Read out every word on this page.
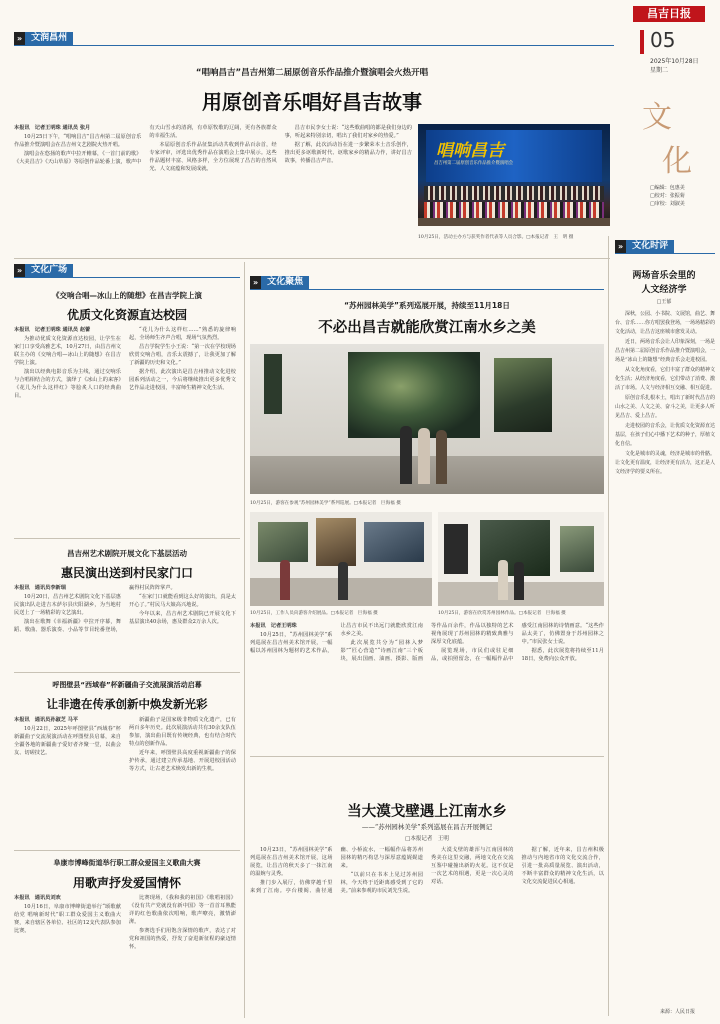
昌吉日报
05
2025年10月28日
星期二
文
化
□编辑：包惠美
□校对：张振菊
□审校：刘淑美
»	文化时评
两场音乐会里的
人文经济学
□王郁

深秋，公园、小书院、文展馆，曲艺、舞台、音乐……你方唱罢我登场，一场场精彩的文化活动，让昌吉这座城市愈发灵动。

近日，两场音乐会让人印象深刻，一场是昌吉州第二届原创音乐作品推介暨演唱会，一场是“冰山上的随想”经典音乐会走进校园。

从文化角度看，它们丰富了群众的精神文化生活；从经济角度看，它们带动了消费、激活了市场。人文与经济相互交融、相互促进。

原创音乐扎根本土，唱出了新时代昌吉的山水之美、人文之美、奋斗之美，让更多人听见昌吉、爱上昌吉。

走进校园的音乐会，让优质文化资源直达基层，在孩子们心中播下艺术的种子，厚植文化自信。

文化是城市的灵魂，经济是城市的骨骼。让文化更有温度，让经济更有活力，这正是人文经济学的要义所在。

来源：人民日报
»	文润昌州
“唱响昌吉”昌吉州第二届原创音乐作品推介暨演唱会火热开唱
用原创音乐唱好昌吉故事

本报讯　记者王明珠 通讯员 张月

10月25日下午，“唱响昌吉”昌吉州第二届原创音乐作品推介暨演唱会在昌吉州文艺剧院火热开唱。

演唱会在悠扬的歌声中拉开帷幕，《一首门前的歌》《大美昌吉》《天山草原》等原创作品轮番上演，歌声中有天山雪水的清冽，有草原牧歌的辽阔，更有各族群众的幸福生活。

本届原创音乐作品征集活动共收到作品百余首，经专家评审，评选出优秀作品在演唱会上集中展示。这些作品题材丰富、风格多样，全方位展现了昌吉的自然风光、人文底蕴和发展成就。

昌吉市民李女士说：“这些歌曲唱的都是我们身边的事，听起来特别亲切，唱出了我们对家乡的热爱。”

据了解，此次活动旨在进一步繁荣本土音乐创作，推出更多讴歌新时代、讴歌家乡的精品力作，讲好昌吉故事，传播昌吉声音。	唱响昌吉
昌吉州第二届原创音乐作品推介暨演唱会
10月25日，活动主办方与获奖作者代表等人员合影。□本报记者　王　明 摄
»	文化广场
《交响合唱—冰山上的随想》在昌吉学院上演
优质文化资源直达校园

本报讯　记者王明珠 通讯员 赵蕾

为推动优质文化资源直达校园，让学生在家门口享受高雅艺术，10月27日，由昌吉州文联主办的《交响合唱—冰山上的随想》在昌吉学院上演。

演出以经典电影音乐为主线，通过交响乐与合唱相结合的方式，演绎了《冰山上的来客》《花儿为什么这样红》等脍炙人口的经典曲目。

“花儿为什么这样红……”熟悉的旋律响起，全场师生齐声合唱，现场气氛热烈。

昌吉学院学生小王说：“第一次在学校现场欣赏交响合唱，音乐太震撼了，让我更加了解了新疆的历史和文化。”

据介绍，此次演出是昌吉州推动文化进校园系列活动之一，今后将继续推出更多优秀文艺作品走进校园，丰富师生精神文化生活。

昌吉州艺术剧院开展文化下基层活动
惠民演出送到村民家门口

本报讯　通讯员李新瑞

10月20日，昌吉州艺术剧院文化下基层惠民演出队走进吉木萨尔县庆阳湖乡，为当地村民送上了一场精彩的文艺演出。

演出在歌舞《幸福新疆》中拉开序幕，舞蹈、歌曲、器乐演奏、小品等节目轮番登场，赢得村民阵阵掌声。

“在家门口就能看到这么好的演出，真是太开心了。”村民马大娘高兴地说。

今年以来，昌吉州艺术剧院已开展文化下基层演出40余场，惠及群众2万余人次。

呼图壁县“西域春”杯新疆曲子交流展演活动启幕
让非遗在传承创新中焕发新光彩

本报讯　通讯员孙淑芝 马平

10月22日，2025年呼图壁县“西域春”杯新疆曲子交流展演活动在呼图壁县启幕，来自全疆各地的新疆曲子爱好者齐聚一堂，以曲会友、切磋技艺。

新疆曲子是国家级非物质文化遗产，已有两百多年历史。此次展演活动共有30余支队伍参加，演出曲目既有传统经典，也有结合时代特点的创新作品。

近年来，呼图壁县高度重视新疆曲子的保护传承，通过建立传承基地、开展进校园活动等方式，让古老艺术焕发出新的生机。

阜康市博峰街道举行职工群众爱国主义歌曲大赛
用歌声抒发爱国情怀

本报讯　通讯员刘欢

10月16日，阜康市博峰街道举行“颂歌献给党 唱响新时代”职工群众爱国主义歌曲大赛，来自辖区各单位、社区的12支代表队参加比赛。

比赛现场，《我和我的祖国》《歌唱祖国》《没有共产党就没有新中国》等一首首耳熟能详的红色歌曲依次唱响，歌声嘹亮，激情澎湃。

参赛选手们用饱含深情的歌声，表达了对党和祖国的热爱，抒发了奋进新征程的豪迈情怀。

»	文化聚焦
“苏州园林美学”系列巡展开展，持续至11月18日
不必出昌吉就能欣赏江南水乡之美
10月25日，游客在参观“苏州园林美学”系列巡展。□本报记者　巨海福 摄
10月25日，工作人员向游客介绍展品。□本报记者　巨海福 摄	10月25日，游客在欣赏苏州园林作品。□本报记者　巨海福 摄

本报讯　记者王明珠

10月25日，“苏州园林美学”系列巡展在昌吉州美术馆开展，一幅幅以苏州园林为题材的艺术作品，让昌吉市民不出远门就能欣赏江南水乡之美。

此次展览共分为“园林入梦影”“匠心营造”“诗画江南”三个板块，展出国画、油画、摄影、版画等作品百余件，作品以独特的艺术视角展现了苏州园林的精致典雅与深厚文化底蕴。

展览现场，市民们或驻足细品，或拍照留念，在一幅幅作品中感受江南园林的诗情画意。“这些作品太美了，仿佛置身于苏州园林之中。”市民张女士说。

据悉，此次展览将持续至11月18日，免费向公众开放。

当大漠戈壁遇上江南水乡
——“苏州园林美学”系列巡展在昌吉开展侧记
□本报记者　王明

10月23日，“苏州园林美学”系列巡展在昌吉州美术馆开展，这场展览，让昌吉的秋天多了一抹江南的温婉与灵秀。

推门步入展厅，仿佛穿越千里来到了江南。亭台楼阁、曲径通幽、小桥流水，一幅幅作品将苏州园林的精巧构思与深厚意蕴娓娓道来。

“以前只在书本上见过苏州园林，今天终于近距离感受到了它的美。”前来参观的市民刘先生说。

大漠戈壁的雄浑与江南园林的秀美在这里交融，两地文化在交流互鉴中碰撞出新的火花。这不仅是一次艺术的相遇，更是一次心灵的对话。

据了解，近年来，昌吉州积极推动与内地省市的文化交流合作，引进一批高质量展览、演出活动，不断丰富群众的精神文化生活，以文化交流促进民心相通。
